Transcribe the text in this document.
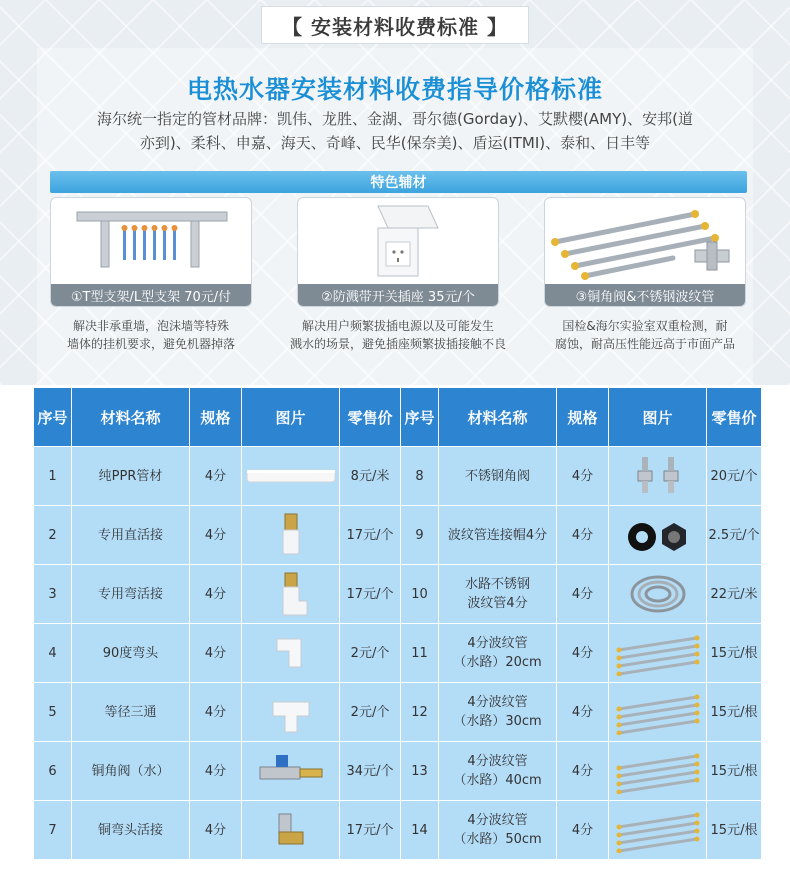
【 安装材料收费标准 】
电热水器安装材料收费指导价格标准
海尔统一指定的管材品牌：凯伟、龙胜、金湖、哥尔德(Gorday)、艾默樱(AMY)、安邦(道亦到)、柔科、申嘉、海天、奇峰、民华(保奈美)、盾运(ITMI)、泰和、日丰等
特色辅材
①T型支架/L型支架 70元/付	②防溅带开关插座 35元/个	③铜角阀&不锈钢波纹管
解决非承重墙，泡沫墙等特殊
墙体的挂机要求，避免机器掉落
解决用户频繁拔插电源以及可能发生
溅水的场景，避免插座频繁拔插接触不良
国检&海尔实验室双重检测，耐
腐蚀，耐高压性能远高于市面产品
序号	材料名称	规格	图片	零售价	序号	材料名称	规格	图片	零售价
1	纯PPR管材	4分		8元/米	8	不锈钢角阀	4分		20元/个
2	专用直活接	4分		17元/个	9	波纹管连接帽4分	4分		2.5元/个
3	专用弯活接	4分		17元/个	10	水路不锈钢
波纹管4分	4分		22元/米
4	90度弯头	4分		2元/个	11	4分波纹管
（水路）20cm	4分		15元/根
5	等径三通	4分		2元/个	12	4分波纹管
（水路）30cm	4分		15元/根
6	铜角阀（水）	4分		34元/个	13	4分波纹管
（水路）40cm	4分		15元/根
7	铜弯头活接	4分		17元/个	14	4分波纹管
（水路）50cm	4分		15元/根
